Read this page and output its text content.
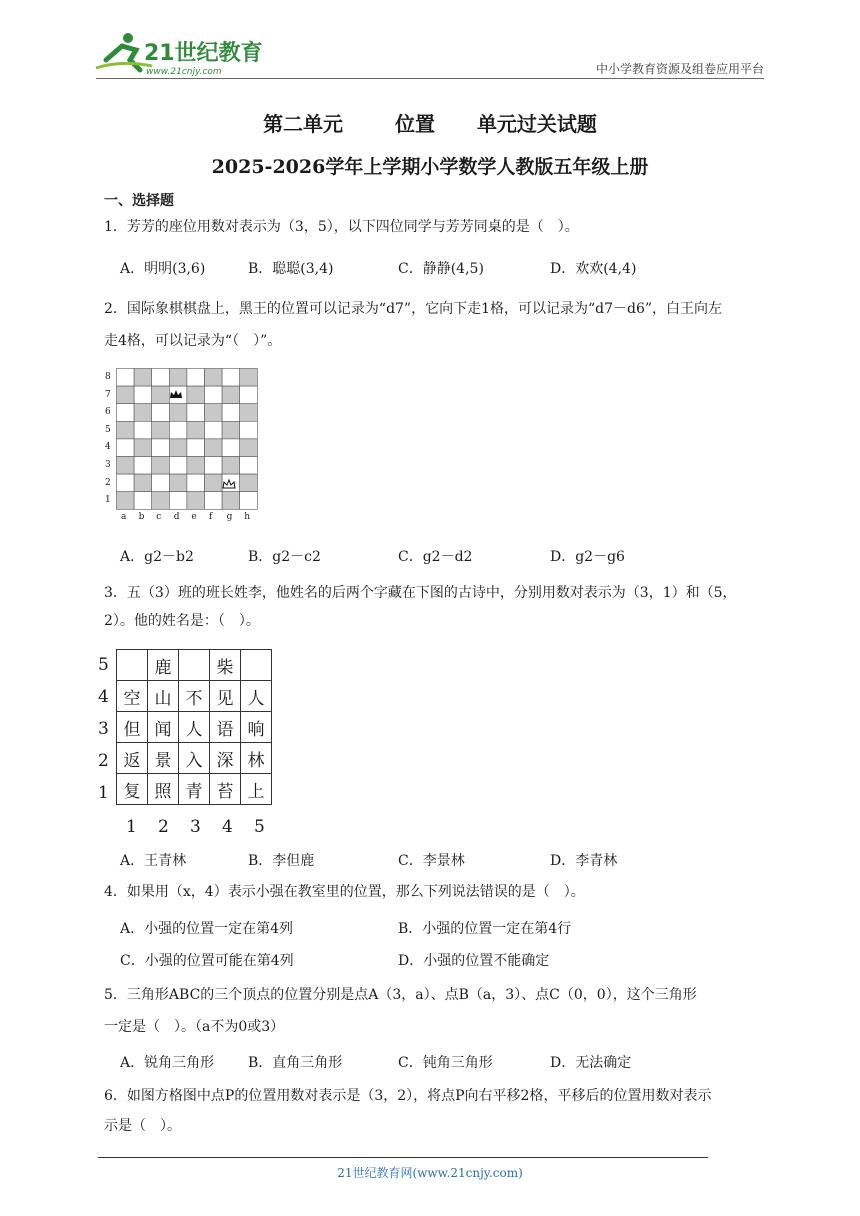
21世纪教育
www.21cnjy.com	中小学教育资源及组卷应用平台
第二单元	位置 单元过关试题
2025-2026学年上学期小学数学人教版五年级上册
一、选择题
1．芳芳的座位用数对表示为（3，5），以下四位同学与芳芳同桌的是（　）。
A．明明(3,6)	B．聪聪(3,4)	C．静静(4,5)	D．欢欢(4,4)
2．国际象棋棋盘上，黑王的位置可以记录为“d7”，它向下走1格，可以记录为“d7－d6”，白王向左
走4格，可以记录为“（　）”。
8
7
6
5
4
3
2
1
a b c d e f g h
A．g2－b2	B．g2－c2	C．g2－d2	D．g2－g6
3．五（3）班的班长姓李，他姓名的后两个字藏在下图的古诗中，分别用数对表示为（3，1）和（5，
2）。他的姓名是：（　）。
	鹿		柴	
空	山	不	见	人
但	闻	人	语	响
返	景	入	深	林
复	照	青	苔	上
5
4
3
2
1
1 2 3 4 5
A．王青林	B．李但鹿	C．李景林	D．李青林
4．如果用（x，4）表示小强在教室里的位置，那么下列说法错误的是（　）。
A．小强的位置一定在第4列	B．小强的位置一定在第4行
C．小强的位置可能在第4列	D．小强的位置不能确定
5．三角形ABC的三个顶点的位置分别是点A（3，a）、点B（a，3）、点C（0，0），这个三角形
一定是（　）。（a不为0或3）
A．锐角三角形 B．直角三角形	C．钝角三角形	D．无法确定
6．如图方格图中点P的位置用数对表示是（3，2），将点P向右平移2格，平移后的位置用数对表示
示是（　）。
21世纪教育网(www.21cnjy.com)
